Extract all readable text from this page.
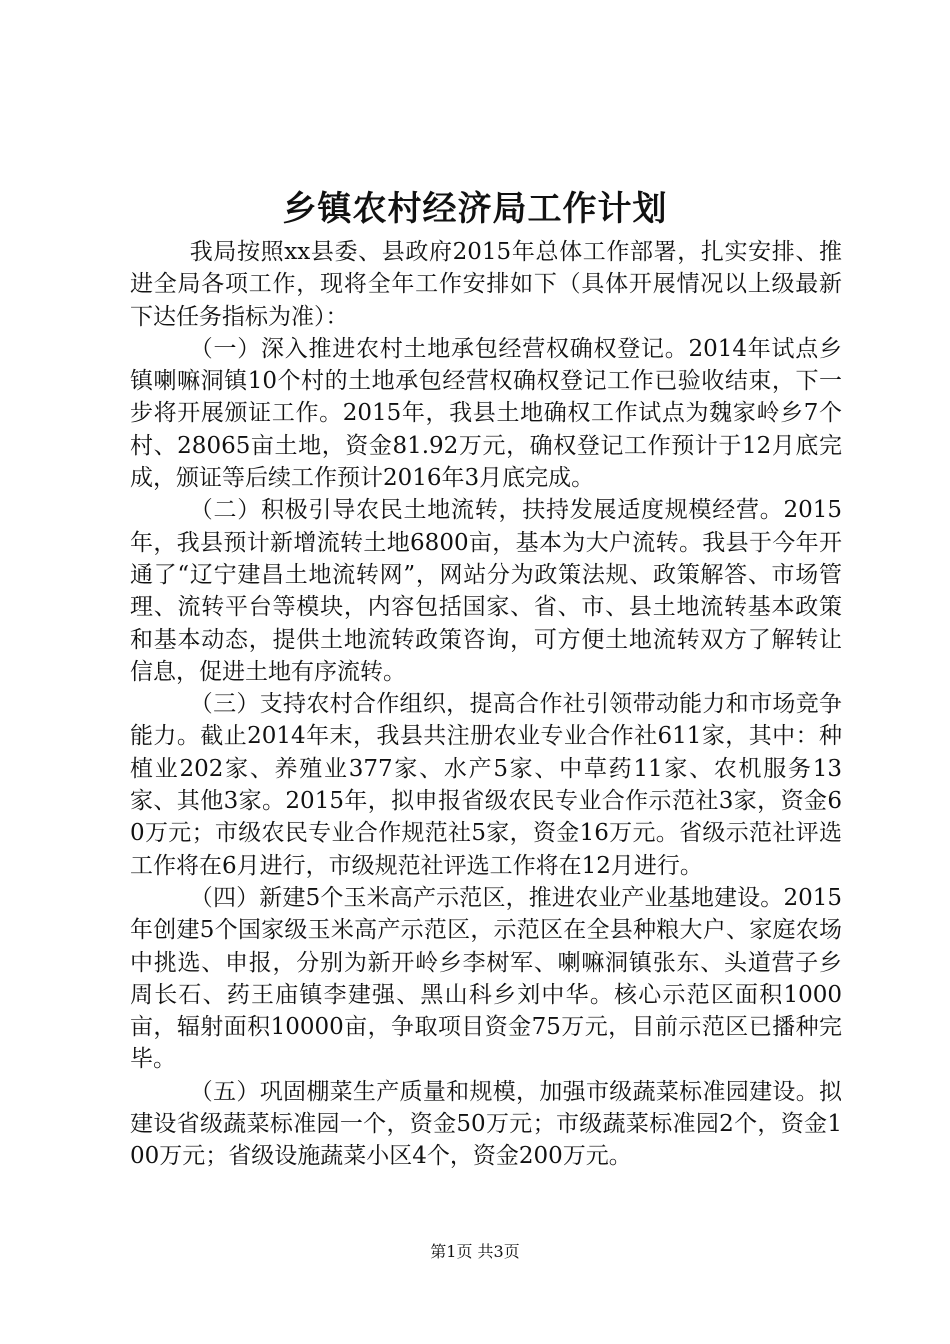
乡镇农村经济局工作计划

我局按照xx县委、县政府2015年总体工作部署，扎实安排、推进全局各项工作，现将全年工作安排如下（具体开展情况以上级最新下达任务指标为准）：

（一）深入推进农村土地承包经营权确权登记。2014年试点乡镇喇嘛洞镇10个村的土地承包经营权确权登记工作已验收结束，下一步将开展颁证工作。2015年，我县土地确权工作试点为魏家岭乡7个村、28065亩土地，资金81.92万元，确权登记工作预计于12月底完成，颁证等后续工作预计2016年3月底完成。

（二）积极引导农民土地流转，扶持发展适度规模经营。2015年，我县预计新增流转土地6800亩，基本为大户流转。我县于今年开通了“辽宁建昌土地流转网”，网站分为政策法规、政策解答、市场管理、流转平台等模块，内容包括国家、省、市、县土地流转基本政策和基本动态，提供土地流转政策咨询，可方便土地流转双方了解转让信息，促进土地有序流转。

（三）支持农村合作组织，提高合作社引领带动能力和市场竞争能力。截止2014年末，我县共注册农业专业合作社611家，其中：种植业202家、养殖业377家、水产5家、中草药11家、农机服务13家、其他3家。2015年，拟申报省级农民专业合作示范社3家，资金60万元；市级农民专业合作规范社5家，资金16万元。省级示范社评选工作将在6月进行，市级规范社评选工作将在12月进行。

（四）新建5个玉米高产示范区，推进农业产业基地建设。2015年创建5个国家级玉米高产示范区，示范区在全县种粮大户、家庭农场中挑选、申报，分别为新开岭乡李树军、喇嘛洞镇张东、头道营子乡周长石、药王庙镇李建强、黑山科乡刘中华。核心示范区面积1000亩，辐射面积10000亩，争取项目资金75万元，目前示范区已播种完毕。

（五）巩固棚菜生产质量和规模，加强市级蔬菜标准园建设。拟建设省级蔬菜标准园一个，资金50万元；市级蔬菜标准园2个，资金100万元；省级设施蔬菜小区4个，资金200万元。

第1页 共3页
